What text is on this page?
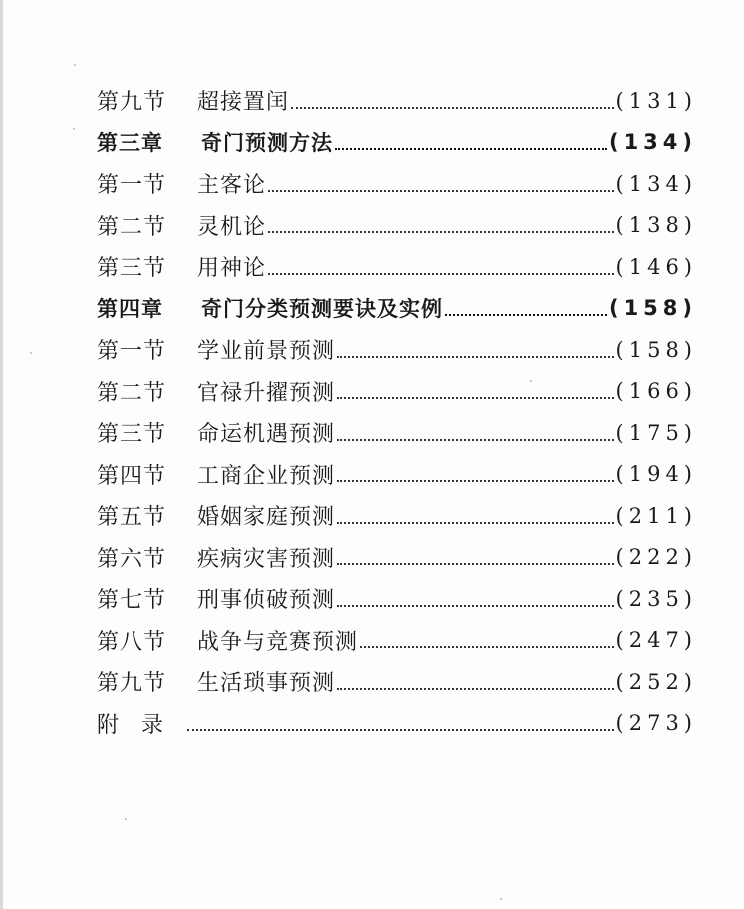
第九节	超接置闰	(131)
第三章	奇门预测方法	(134)
第一节	主客论	(134)
第二节	灵机论	(138)
第三节	用神论	(146)
第四章	奇门分类预测要诀及实例	(158)
第一节	学业前景预测	(158)
第二节	官禄升擢预测	(166)
第三节	命运机遇预测	(175)
第四节	工商企业预测	(194)
第五节	婚姻家庭预测	(211)
第六节	疾病灾害预测	(222)
第七节	刑事侦破预测	(235)
第八节	战争与竞赛预测	(247)
第九节	生活琐事预测	(252)
附录	(273)
